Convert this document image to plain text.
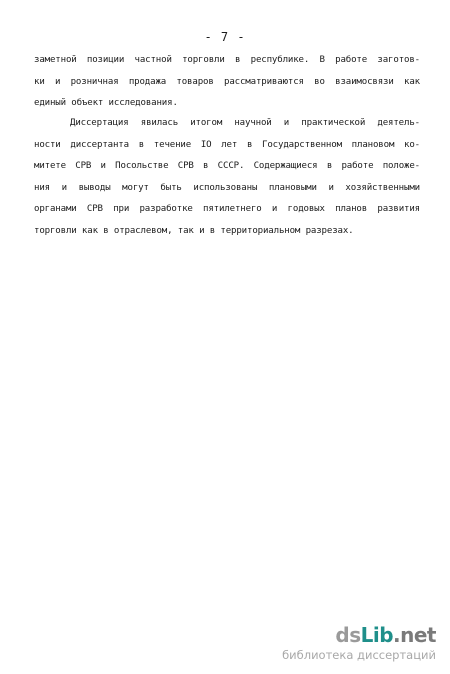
- 7 -
заметной позиции частной торговли в республике. В работе заготов-
ки и розничная продажа товаров рассматриваются во взаимосвязи как
единый объект исследования.
Диссертация явилась итогом научной и практической деятель-
ности диссертанта в течение IO лет в Государственном плановом ко-
митете СРВ и Посольстве СРВ в СССР. Содержащиеся в работе положе-
ния и выводы могут быть использованы плановыми и хозяйственными
органами СРВ при разработке пятилетнего и годовых планов развития
торговли как в отраслевом, так и в территориальном разрезах.
dsLib.net
библиотека диссертаций
